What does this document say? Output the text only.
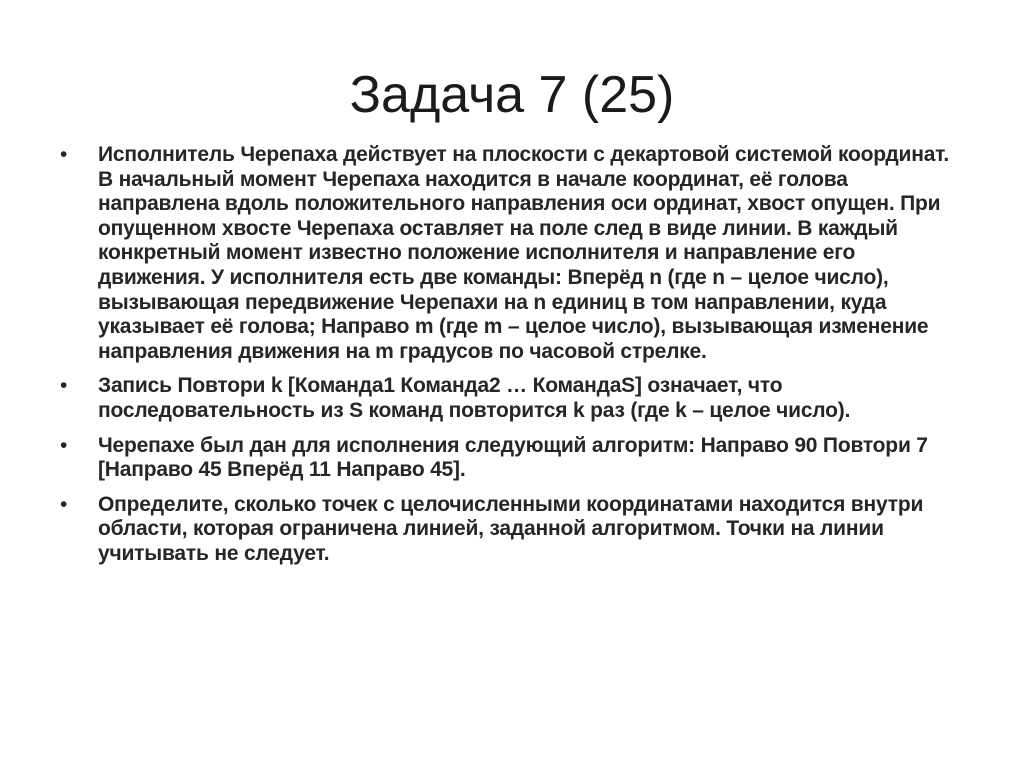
Задача 7 (25)
• Исполнитель Черепаха действует на плоскости с декартовой системой координат. В начальный момент Черепаха находится в начале координат, её голова направлена вдоль положительного направления оси ординат, хвост опущен. При опущенном хвосте Черепаха оставляет на поле след в виде линии. В каждый конкретный момент известно положение исполнителя и направление его движения. У исполнителя есть две команды: Вперёд n (где n – целое число), вызывающая передвижение Черепахи на n единиц в том направлении, куда указывает её голова; Направо m (где m – целое число), вызывающая изменение направления движения на m градусов по часовой стрелке.
• Запись Повтори k [Команда1 Команда2 … КомандаS] означает, что последовательность из S команд повторится k раз (где k – целое число).
• Черепахе был дан для исполнения следующий алгоритм: Направо 90 Повтори 7 [Направо 45 Вперёд 11 Направо 45].
• Определите, сколько точек с целочисленными координатами находится внутри области, которая ограничена линией, заданной алгоритмом. Точки на линии учитывать не следует.
